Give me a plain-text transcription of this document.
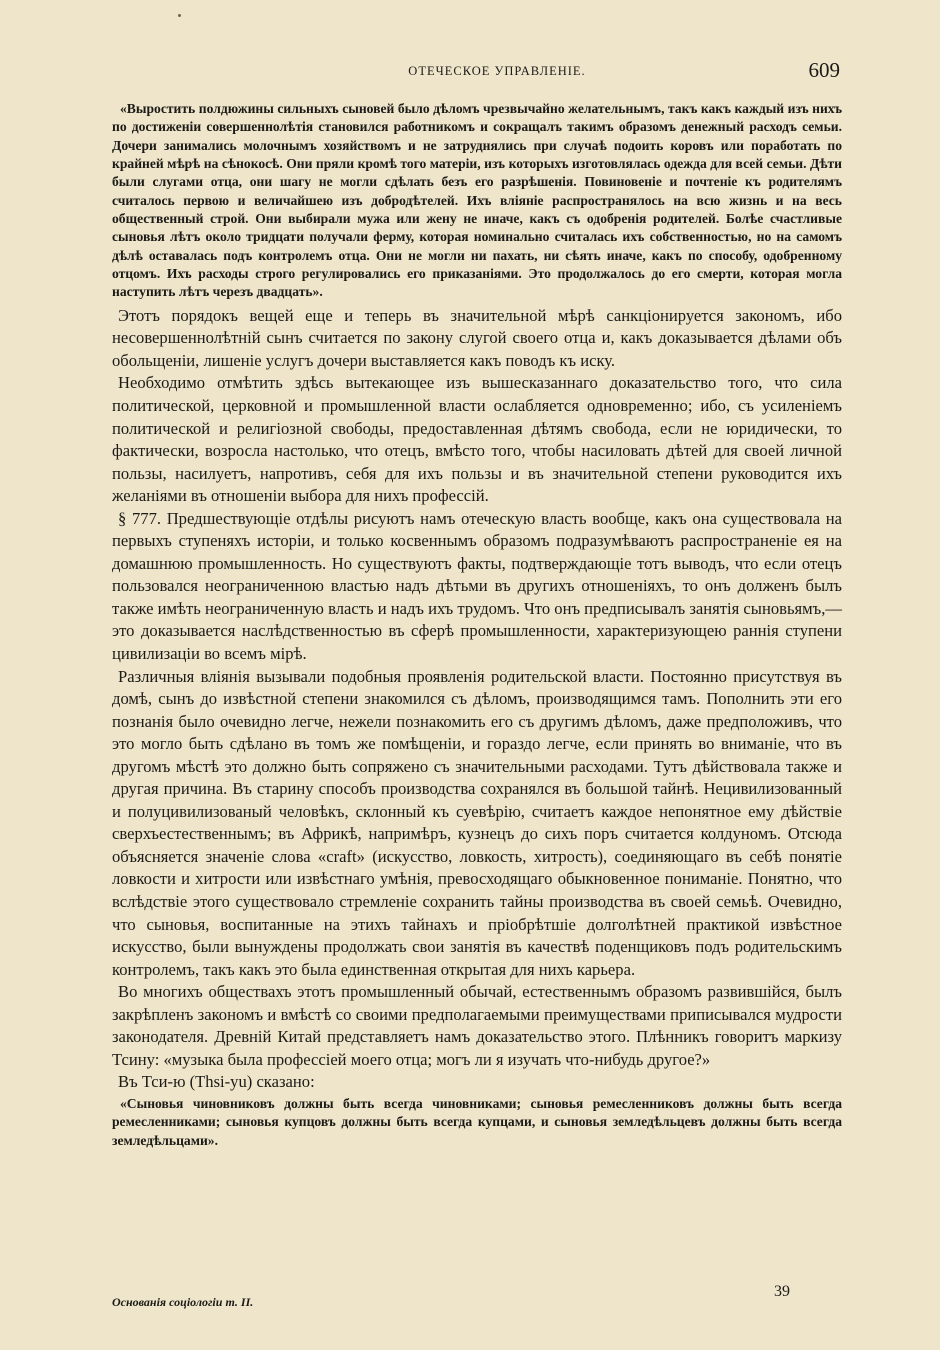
ОТЕЧЕСКОЕ УПРАВЛЕНІЕ.	609

«Выростить полдюжины сильныхъ сыновей было дѣломъ чрезвычайно желательнымъ, такъ какъ каждый изъ нихъ по достиженіи совершеннолѣтія становился работникомъ и сокращалъ такимъ образомъ денежный расходъ семьи. Дочери занимались молочнымъ хозяйствомъ и не затруднялись при случаѣ подоить коровъ или поработать по крайней мѣрѣ на сѣнокосѣ. Они пряли кромѣ того матеріи, изъ которыхъ изготовлялась одежда для всей семьи. Дѣти были слугами отца, они шагу не могли сдѣлать безъ его разрѣшенія. Повиновеніе и почтеніе къ родителямъ считалось первою и величайшею изъ добродѣтелей. Ихъ вліяніе распространялось на всю жизнь и на весь общественный строй. Они выбирали мужа или жену не иначе, какъ съ одобренія родителей. Болѣе счастливые сыновья лѣтъ около тридцати получали ферму, которая номинально считалась ихъ собственностью, но на самомъ дѣлѣ оставалась подъ контролемъ отца. Они не могли ни пахать, ни сѣять иначе, какъ по способу, одобренному отцомъ. Ихъ расходы строго регулировались его приказаніями. Это продолжалось до его смерти, которая могла наступить лѣтъ черезъ двадцать».

Этотъ порядокъ вещей еще и теперь въ значительной мѣрѣ санкціонируется закономъ, ибо несовершеннолѣтній сынъ считается по закону слугой своего отца и, какъ доказывается дѣлами объ обольщеніи, лишеніе услугъ дочери выставляется какъ поводъ къ иску.

Необходимо отмѣтить здѣсь вытекающее изъ вышесказаннаго доказательство того, что сила политической, церковной и промышленной власти ослабляется одновременно; ибо, съ усиленіемъ политической и религіозной свободы, предоставленная дѣтямъ свобода, если не юридически, то фактически, возросла настолько, что отецъ, вмѣсто того, чтобы насиловать дѣтей для своей личной пользы, насилуетъ, напротивъ, себя для ихъ пользы и въ значительной степени руководится ихъ желаніями въ отношеніи выбора для нихъ профессій.

§ 777. Предшествующіе отдѣлы рисуютъ намъ отеческую власть вообще, какъ она существовала на первыхъ ступеняхъ исторіи, и только косвеннымъ образомъ подразумѣваютъ распространеніе ея на домашнюю промышленность. Но существуютъ факты, подтверждающіе тотъ выводъ, что если отецъ пользовался неограниченною властью надъ дѣтьми въ другихъ отношеніяхъ, то онъ долженъ былъ также имѣть неограниченную власть и надъ ихъ трудомъ. Что онъ предписывалъ занятія сыновьямъ,—это доказывается наслѣдственностью въ сферѣ промышленности, характеризующею раннія ступени цивилизаціи во всемъ мірѣ.

Различныя вліянія вызывали подобныя проявленія родительской власти. Постоянно присутствуя въ домѣ, сынъ до извѣстной степени знакомился съ дѣломъ, производящимся тамъ. Пополнить эти его познанія было очевидно легче, нежели познакомить его съ другимъ дѣломъ, даже предположивъ, что это могло быть сдѣлано въ томъ же помѣщеніи, и гораздо легче, если принять во вниманіе, что въ другомъ мѣстѣ это должно быть сопряжено съ значительными расходами. Тутъ дѣйствовала также и другая причина. Въ старину способъ производства сохранялся въ большой тайнѣ. Нецивилизованный и полуцивилизованый человѣкъ, склонный къ суевѣрію, считаетъ каждое непонятное ему дѣйствіе сверхъестественнымъ; въ Африкѣ, напримѣръ, кузнецъ до сихъ поръ считается колдуномъ. Отсюда объясняется значеніе слова «craft» (искусство, ловкость, хитрость), соединяющаго въ себѣ понятіе ловкости и хитрости или извѣстнаго умѣнія, превосходящаго обыкновенное пониманіе. Понятно, что вслѣдствіе этого существовало стремленіе сохранить тайны производства въ своей семьѣ. Очевидно, что сыновья, воспитанные на этихъ тайнахъ и пріобрѣтшіе долголѣтней практикой извѣстное искусство, были вынуждены продолжать свои занятія въ качествѣ поденщиковъ подъ родительскимъ контролемъ, такъ какъ это была единственная открытая для нихъ карьера.

Во многихъ обществахъ этотъ промышленный обычай, естественнымъ образомъ развившійся, былъ закрѣпленъ закономъ и вмѣстѣ со своими предполагаемыми преимуществами приписывался мудрости законодателя. Древній Китай представляетъ намъ доказательство этого. Плѣнникъ говоритъ маркизу Тсину: «музыка была профессіей моего отца; могъ ли я изучать что-нибудь другое?»

Въ Тси-ю (Thsi-yu) сказано:

«Сыновья чиновниковъ должны быть всегда чиновниками; сыновья ремесленниковъ должны быть всегда ремесленниками; сыновья купцовъ должны быть всегда купцами, и сыновья земледѣльцевъ должны быть всегда земледѣльцами».

Основанія соціологіи т. II.
39
